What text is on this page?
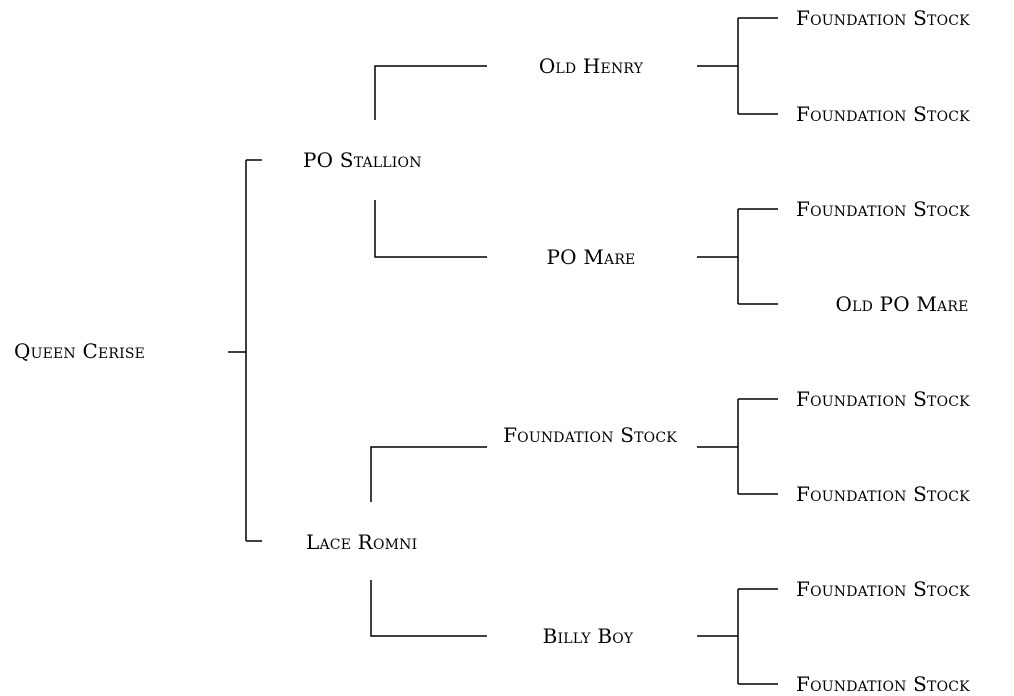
Queen Cerise
PO Stallion
Lace Romni
Old Henry
PO Mare
Foundation Stock
Billy Boy
Foundation Stock
Foundation Stock
Foundation Stock
Old PO Mare
Foundation Stock
Foundation Stock
Foundation Stock
Foundation Stock
